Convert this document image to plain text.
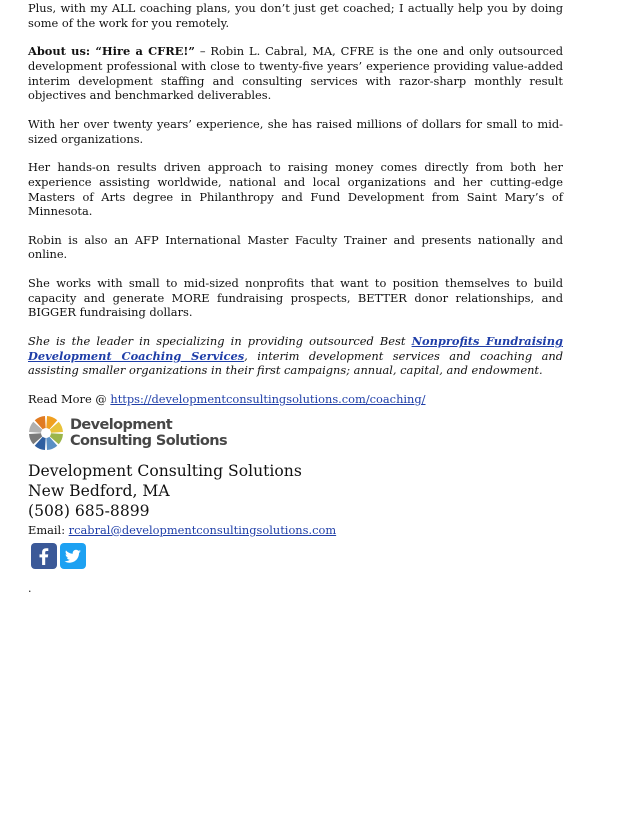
Plus, with my ALL coaching plans, you don’t just get coached; I actually help you by doing some of the work for you remotely.

About us: “Hire a CFRE!” – Robin L. Cabral, MA, CFRE is the one and only outsourced development professional with close to twenty-five years’ experience providing value-added interim development staffing and consulting services with razor-sharp monthly result objectives and benchmarked deliverables.

With her over twenty years’ experience, she has raised millions of dollars for small to mid-sized organizations.

Her hands-on results driven approach to raising money comes directly from both her experience assisting worldwide, national and local organizations and her cutting-edge Masters of Arts degree in Philanthropy and Fund Development from Saint Mary’s of Minnesota.

Robin is also an AFP International Master Faculty Trainer and presents nationally and online.

She works with small to mid-sized nonprofits that want to position themselves to build capacity and generate MORE fundraising prospects, BETTER donor relationships, and BIGGER fundraising dollars.

She is the leader in specializing in providing outsourced Best Nonprofits Fundraising Development Coaching Services, interim development services and coaching and assisting smaller organizations in their first campaigns; annual, capital, and endowment.

Read More @ https://developmentconsultingsolutions.com/coaching/

Development
Consulting Solutions
Development Consulting Solutions
New Bedford, MA
(508) 685-8899
Email: rcabral@developmentconsultingsolutions.com
.
